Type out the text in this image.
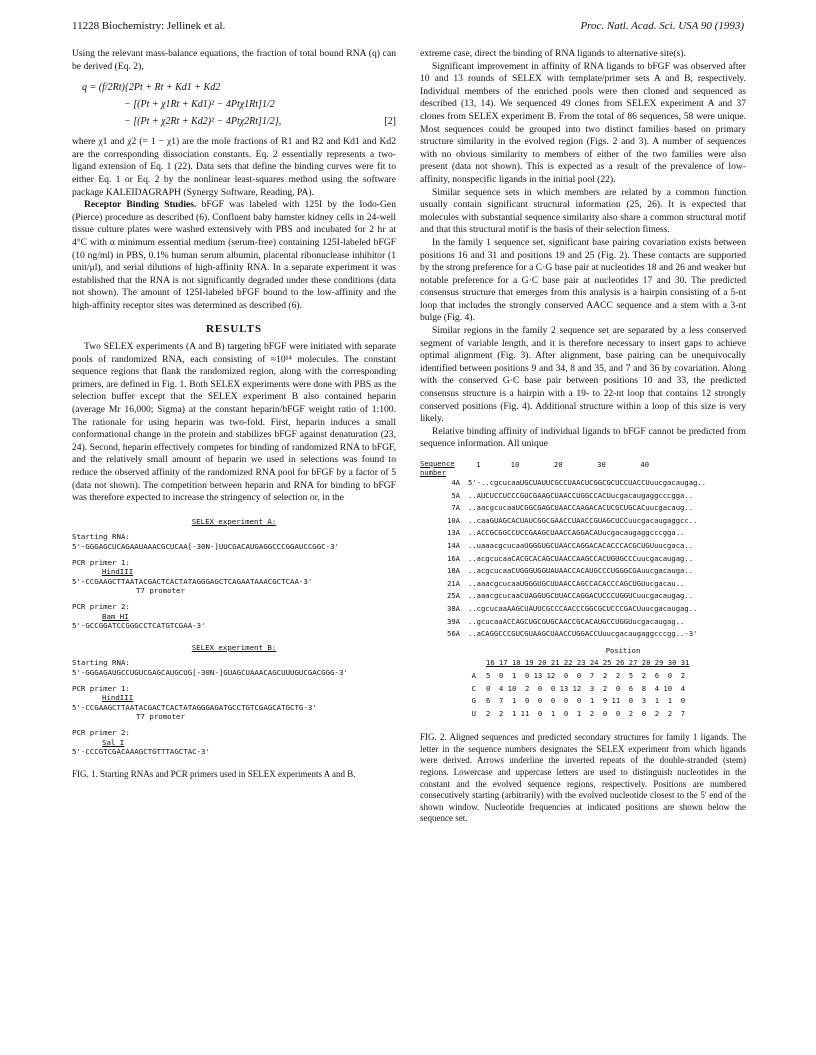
11228 Biochemistry: Jellinek et al.	Proc. Natl. Acad. Sci. USA 90 (1993)

Using the relevant mass-balance equations, the fraction of total bound RNA (q) can be derived (Eq. 2),

q = (f/2Rt){2Pt + Rt + Kd1 + Kd2
− [(Pt + χ1Rt + Kd1)² − 4Ptχ1Rt]1/2
− [(Pt + χ2Rt + Kd2)² − 4Ptχ2Rt]1/2},	[2]

where χ1 and χ2 (= 1 − χ1) are the mole fractions of R1 and R2 and Kd1 and Kd2 are the corresponding dissociation constants. Eq. 2 essentially represents a two-ligand extension of Eq. 1 (22). Data sets that define the binding curves were fit to either Eq. 1 or Eq. 2 by the nonlinear least-squares method using the software package KALEIDAGRAPH (Synergy Software, Reading, PA).

Receptor Binding Studies. bFGF was labeled with 125I by the Iodo-Gen (Pierce) procedure as described (6). Confluent baby hamster kidney cells in 24-well tissue culture plates were washed extensively with PBS and incubated for 2 hr at 4°C with α minimum essential medium (serum-free) containing 125I-labeled bFGF (10 ng/ml) in PBS, 0.1% human serum albumin, placental ribonuclease inhibitor (1 unit/μl), and serial dilutions of high-affinity RNA. In a separate experiment it was established that the RNA is not significantly degraded under these conditions (data not shown). The amount of 125I-labeled bFGF bound to the low-affinity and the high-affinity receptor sites was determined as described (6).

RESULTS

Two SELEX experiments (A and B) targeting bFGF were initiated with separate pools of randomized RNA, each consisting of ≈10¹⁴ molecules. The constant sequence regions that flank the randomized region, along with the corresponding primers, are defined in Fig. 1. Both SELEX experiments were done with PBS as the selection buffer except that the SELEX experiment B also contained heparin (average Mr 16,000; Sigma) at the constant heparin/bFGF weight ratio of 1:100. The rationale for using heparin was two-fold. First, heparin induces a small conformational change in the protein and stabilizes bFGF against denaturation (23, 24). Second, heparin effectively competes for binding of randomized RNA to bFGF, and the relatively small amount of heparin we used in selections was found to reduce the observed affinity of the randomized RNA pool for bFGF by a factor of 5 (data not shown). The competition between heparin and RNA for binding to bFGF was therefore expected to increase the stringency of selection or, in the

SELEX experiment A:
Starting RNA:
5'-GGGAGCUCAGAAUAAACGCUCAA[-30N-]UUCGACAUGAGGCCCGGAUCCGGC-3'
PCR primer 1:
HindIII
5'-CCGAAGCTTAATACGACTCACTATAGGGAGCTCAGAATAAACGCTCAA-3'
T7 promoter
PCR primer 2:
Bam HI
5'-GCCGGATCCGGGCCTCATGTCGAA-3'
SELEX experiment B:
Starting RNA:
5'-GGGAGAUGCCUGUCGAGCAUGCUG[-30N-]GUAGCUAAACAGCUUUGUCGACGGG-3'
PCR primer 1:
HindIII
5'-CCGAAGCTTAATACGACTCACTATAGGGAGATGCCTGTCGAGCATGCTG-3'
T7 promoter
PCR primer 2:
Sal I
5'-CCCGTCGACAAAGCTGTTTAGCTAC-3'
FIG. 1. Starting RNAs and PCR primers used in SELEX experiments A and B.

extreme case, direct the binding of RNA ligands to alternative site(s).

Significant improvement in affinity of RNA ligands to bFGF was observed after 10 and 13 rounds of SELEX with template/primer sets A and B, respectively. Individual members of the enriched pools were then cloned and sequenced as described (13, 14). We sequenced 49 clones from SELEX experiment A and 37 clones from SELEX experiment B. From the total of 86 sequences, 58 were unique. Most sequences could be grouped into two distinct families based on primary structure similarity in the evolved region (Figs. 2 and 3). A number of sequences with no obvious similarity to members of either of the two families were also present (data not shown). This is expected as a result of the prevalence of low-affinity, nonspecific ligands in the initial pool (22).

Similar sequence sets in which members are related by a common function usually contain significant structural information (25, 26). It is expected that molecules with substantial sequence similarity also share a common structural motif and that this structural motif is the basis of their selection fitness.

In the family 1 sequence set, significant base pairing covariation exists between positions 16 and 31 and positions 19 and 25 (Fig. 2). These contacts are supported by the strong preference for a C·G base pair at nucleotides 18 and 26 and weaker but notable preference for a G·C base pair at nucleotides 17 and 30. The predicted consensus structure that emerges from this analysis is a hairpin consisting of a 5-nt loop that includes the strongly conserved AACC sequence and a stem with a 3-nt bulge (Fig. 4).

Similar regions in the family 2 sequence set are separated by a less conserved segment of variable length, and it is therefore necessary to insert gaps to achieve optimal alignment (Fig. 3). After alignment, base pairing can be unequivocally identified between positions 9 and 34, 8 and 35, and 7 and 36 by covariation. Along with the conserved G·C base pair between positions 10 and 33, the predicted consensus structure is a hairpin with a 19- to 22-nt loop that contains 12 strongly conserved positions (Fig. 4). Additional structure within a loop of this size is very likely.

Relative binding affinity of individual ligands to bFGF cannot be predicted from sequence information. All unique

Sequence number
1       10        20        30        40
4A	5'-..cgcucaaUGCUAUUCGCCUAACUCGGCGCUCCUACCUuucgacaugag..
5A	..AUCUCCUCCCGUCGAAGCUAACCUGGCCACUucgacaugaggcccgga..
7A	..aacgcucaaUCGGCGAGCUAACCAAGACACUCGCUGCACuucgacaug..
10A	..caaGUAGCACUAUCGGCGAACCUAACCGUAGCUCCuucgacaugaggcc..
13A	..ACCGCGGCCUCCGAAGCUAACCAGGACAUucgacaugaggcccgga..
14A	..uaaacgcucaaUGGGUGCUAACCAGGACACACCCACGCUGUuucgaca..
16A	..acgcucaaCACGCACAGCUAACCAAGCCACUGUGCCCuucgacaugag..
18A	..acgcucaaCUGGGUGGUAUAACCACAUGCCCUGGGCGAuucgacauga..
21A	..aaacgcucaaUGGGUGCUUAACCAGCCACACCCAGCUGUucgacau..
25A	..aaacgcucaaCUAGGUGCUUACCAGGACUCCCUGGUCuucgacaugag..
38A	..cgcucaaAAGCUAUUCGCCCAACCCGGCGCUCCCGACUuucgacaugag..
39A	..gcucaaACCAGCUGCGUGCAACCGCACAUGCCUGGUucgacaugag..
56A	..aCAGGCCCGUCGUAAGCUAACCUGGACCUuucgacaugaggcccgg..-3'
Position
16 17 18 19 20 21 22 23 24 25 26 27 28 29 30 31
A	5  0  1  0 13 12  0  0  7  2  2  5  2  6  0  2
C	0  4 10  2  0  0 13 12  3  2  0  6  8  4 10  4
G	6  7  1  0  0  0  0  0  1  9 11  0  3  1  1  0
U	2  2  1 11  0  1  0  1  2  0  0  2  0  2  2  7
FIG. 2. Aligned sequences and predicted secondary structures for family 1 ligands. The letter in the sequence numbers designates the SELEX experiment from which ligands were derived. Arrows underline the inverted repeats of the double-stranded (stem) regions. Lowercase and uppercase letters are used to distinguish nucleotides in the constant and the evolved sequence regions, respectively. Positions are numbered consecutively starting (arbitrarily) with the evolved nucleotide closest to the 5' end of the shown window. Nucleotide frequencies at indicated positions are shown below the sequence set.
